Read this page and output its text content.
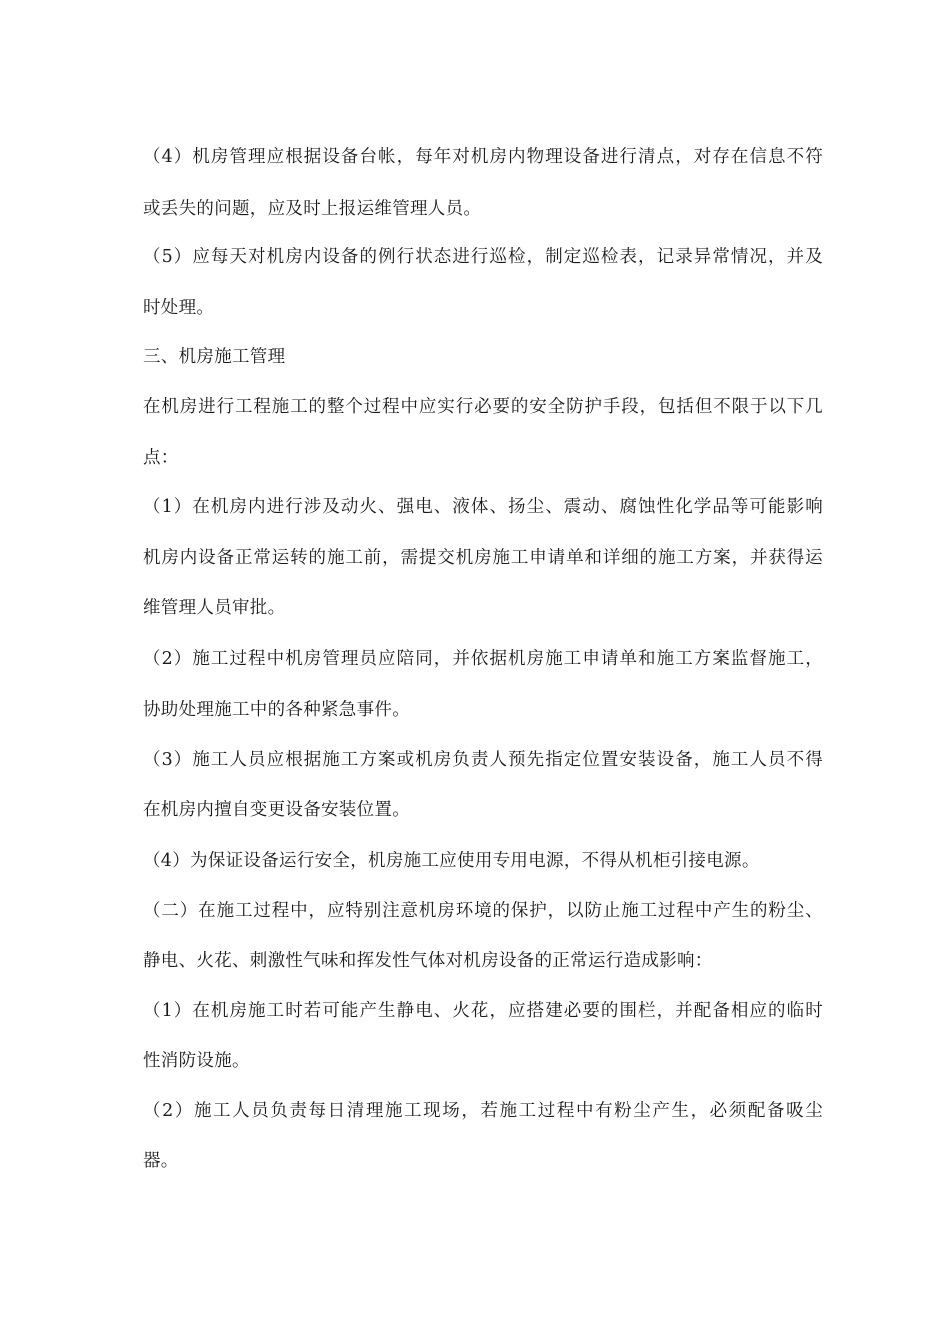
（4）机房管理应根据设备台帐，每年对机房内物理设备进行清点，对存在信息不符
或丢失的问题，应及时上报运维管理人员。
（5）应每天对机房内设备的例行状态进行巡检，制定巡检表，记录异常情况，并及
时处理。
三、机房施工管理
在机房进行工程施工的整个过程中应实行必要的安全防护手段，包括但不限于以下几
点：
（1）在机房内进行涉及动火、强电、液体、扬尘、震动、腐蚀性化学品等可能影响
机房内设备正常运转的施工前，需提交机房施工申请单和详细的施工方案，并获得运
维管理人员审批。
（2）施工过程中机房管理员应陪同，并依据机房施工申请单和施工方案监督施工，
协助处理施工中的各种紧急事件。
（3）施工人员应根据施工方案或机房负责人预先指定位置安装设备，施工人员不得
在机房内擅自变更设备安装位置。
（4）为保证设备运行安全，机房施工应使用专用电源，不得从机柜引接电源。
（二）在施工过程中，应特别注意机房环境的保护，以防止施工过程中产生的粉尘、
静电、火花、刺激性气味和挥发性气体对机房设备的正常运行造成影响：
（1）在机房施工时若可能产生静电、火花，应搭建必要的围栏，并配备相应的临时
性消防设施。
（2）施工人员负责每日清理施工现场，若施工过程中有粉尘产生，必须配备吸尘
器。
